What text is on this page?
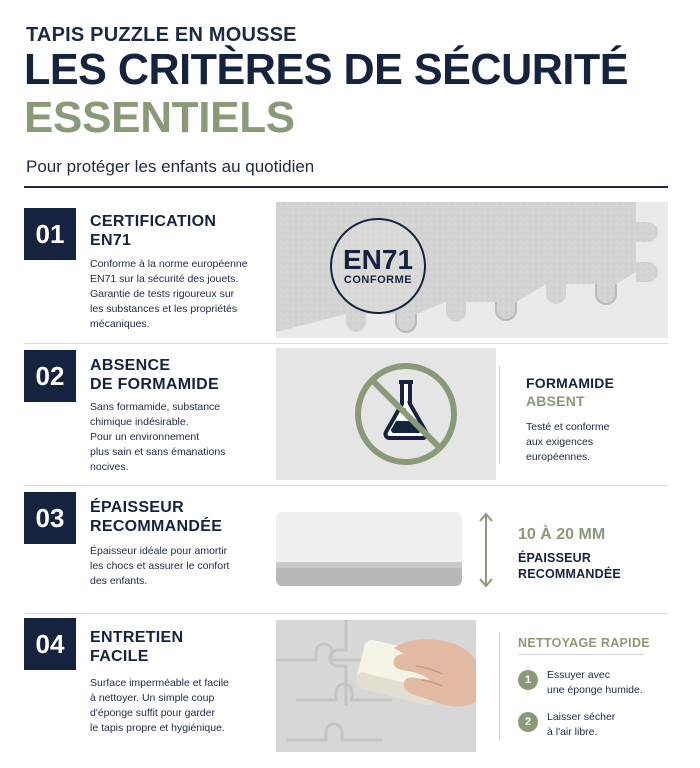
TAPIS PUZZLE EN MOUSSE
LES CRITÈRES DE SÉCURITÉ
ESSENTIELS
Pour protéger les enfants au quotidien
01	CERTIFICATION
EN71
Conforme à la norme européenne
EN71 sur la sécurité des jouets.
Garantie de tests rigoureux sur
les substances et les propriétés
mécaniques.
EN71
CONFORME
02	ABSENCE
DE FORMAMIDE
Sans formamide, substance
chimique indésirable.
Pour un environnement
plus sain et sans émanations
nocives.
FORMAMIDE
ABSENT
Testé et conforme
aux exigences
européennes.
03	ÉPAISSEUR
RECOMMANDÉE
Épaisseur idéale pour amortir
les chocs et assurer le confort
des enfants.
10 À 20 MM
ÉPAISSEUR
RECOMMANDÉE
04	ENTRETIEN
FACILE
Surface imperméable et facile
à nettoyer. Un simple coup
d'éponge suffit pour garder
le tapis propre et hygiénique.
NETTOYAGE RAPIDE
1	Essuyer avec
une éponge humide.
2	Laisser sécher
à l'air libre.
